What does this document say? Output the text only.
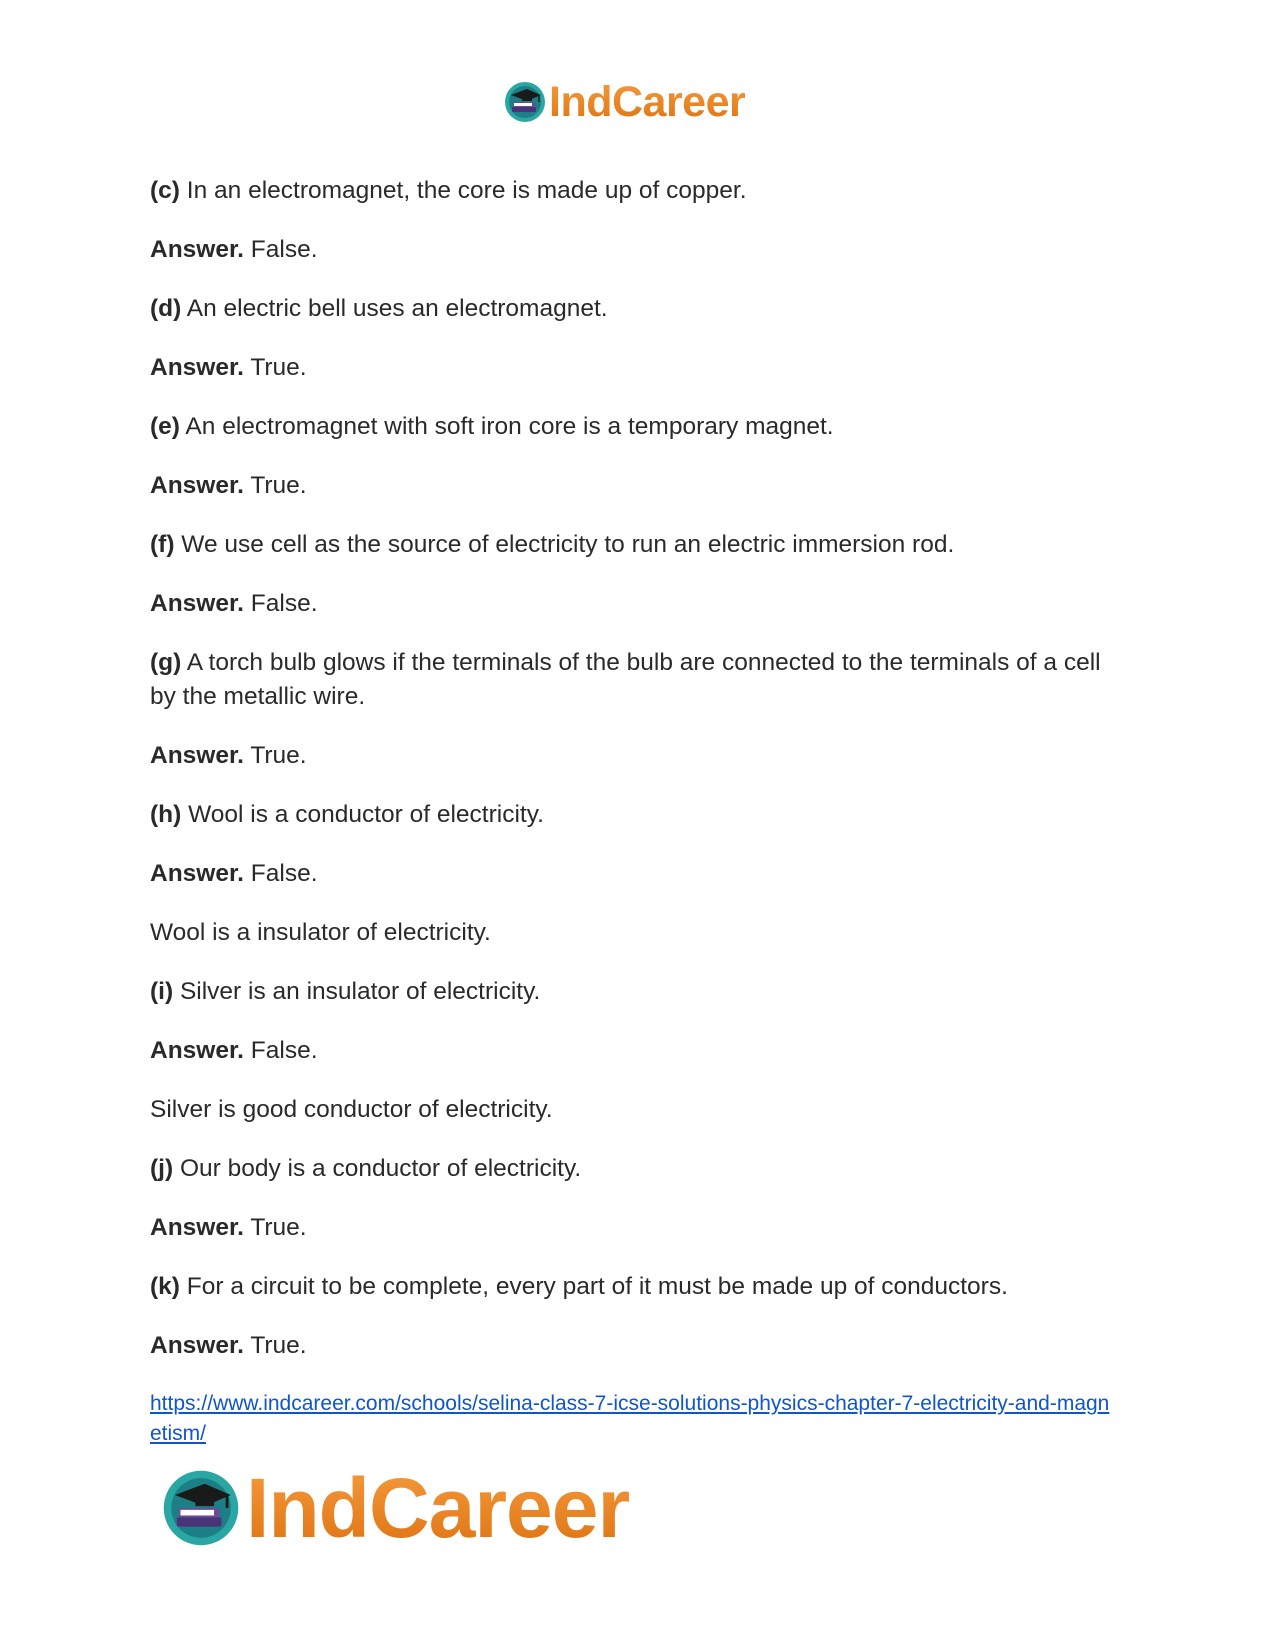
IndCareer

(c) In an electromagnet, the core is made up of copper.

Answer. False.

(d) An electric bell uses an electromagnet.

Answer. True.

(e) An electromagnet with soft iron core is a temporary magnet.

Answer. True.

(f) We use cell as the source of electricity to run an electric immersion rod.

Answer. False.

(g) A torch bulb glows if the terminals of the bulb are connected to the terminals of a cell by the metallic wire.

Answer. True.

(h) Wool is a conductor of electricity.

Answer. False.

Wool is a insulator of electricity.

(i) Silver is an insulator of electricity.

Answer. False.

Silver is good conductor of electricity.

(j) Our body is a conductor of electricity.

Answer. True.

(k) For a circuit to be complete, every part of it must be made up of conductors.

Answer. True.

https://www.indcareer.com/schools/selina-class-7-icse-solutions-physics-chapter-7-electricity-and-magnetism/
IndCareer
